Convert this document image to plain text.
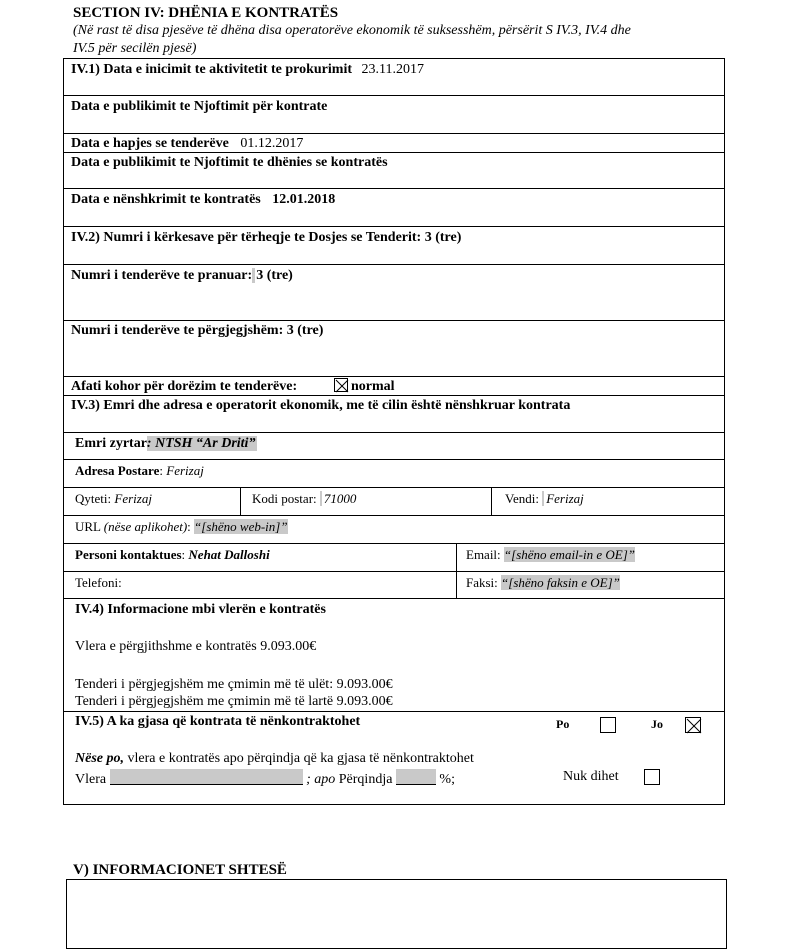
SECTION IV: DHËNIA E KONTRATËS
(Në rast të disa pjesëve të dhëna disa operatorëve ekonomik të suksesshëm, përsërit S IV.3, IV.4 dhe
IV.5 për secilën pjesë)
IV.1) Data e inicimit te aktivitetit te prokurimit 23.11.2017
Data e publikimit te Njoftimit për kontrate
Data e hapjes se tenderëve 01.12.2017
Data e publikimit te Njoftimit te dhënies se kontratës
Data e nënshkrimit te kontratës 12.01.2018
IV.2) Numri i kërkesave për tërheqje te Dosjes se Tenderit: 3 (tre)
Numri i tenderëve te pranuar: 3 (tre)
Numri i tenderëve te përgjegjshëm: 3 (tre)
Afati kohor për dorëzim te tenderëve:	normal
IV.3) Emri dhe adresa e operatorit ekonomik, me të cilin është nënshkruar kontrata
Emri zyrtar: NTSH “Ar Driti”
Adresa Postare: Ferizaj
Qyteti: Ferizaj	Kodi postar: 71000	Vendi: Ferizaj
URL (nëse aplikohet): “[shëno web-in]”
Personi kontaktues: Nehat Dalloshi	Email: “[shëno email-in e OE]”
Telefoni:	Faksi: “[shëno faksin e OE]”
IV.4) Informacione mbi vlerën e kontratës
Vlera e përgjithshme e kontratës 9.093.00€
Tenderi i përgjegjshëm me çmimin më të ulët: 9.093.00€
Tenderi i përgjegjshëm me çmimin më të lartë 9.093.00€
IV.5) A ka gjasa që kontrata të nënkontraktohet	Po	Jo
Nëse po, vlera e kontratës apo përqindja që ka gjasa të nënkontraktohet
Vlera	; apo Përqindja	%;	Nuk dihet
V) INFORMACIONET SHTESË
